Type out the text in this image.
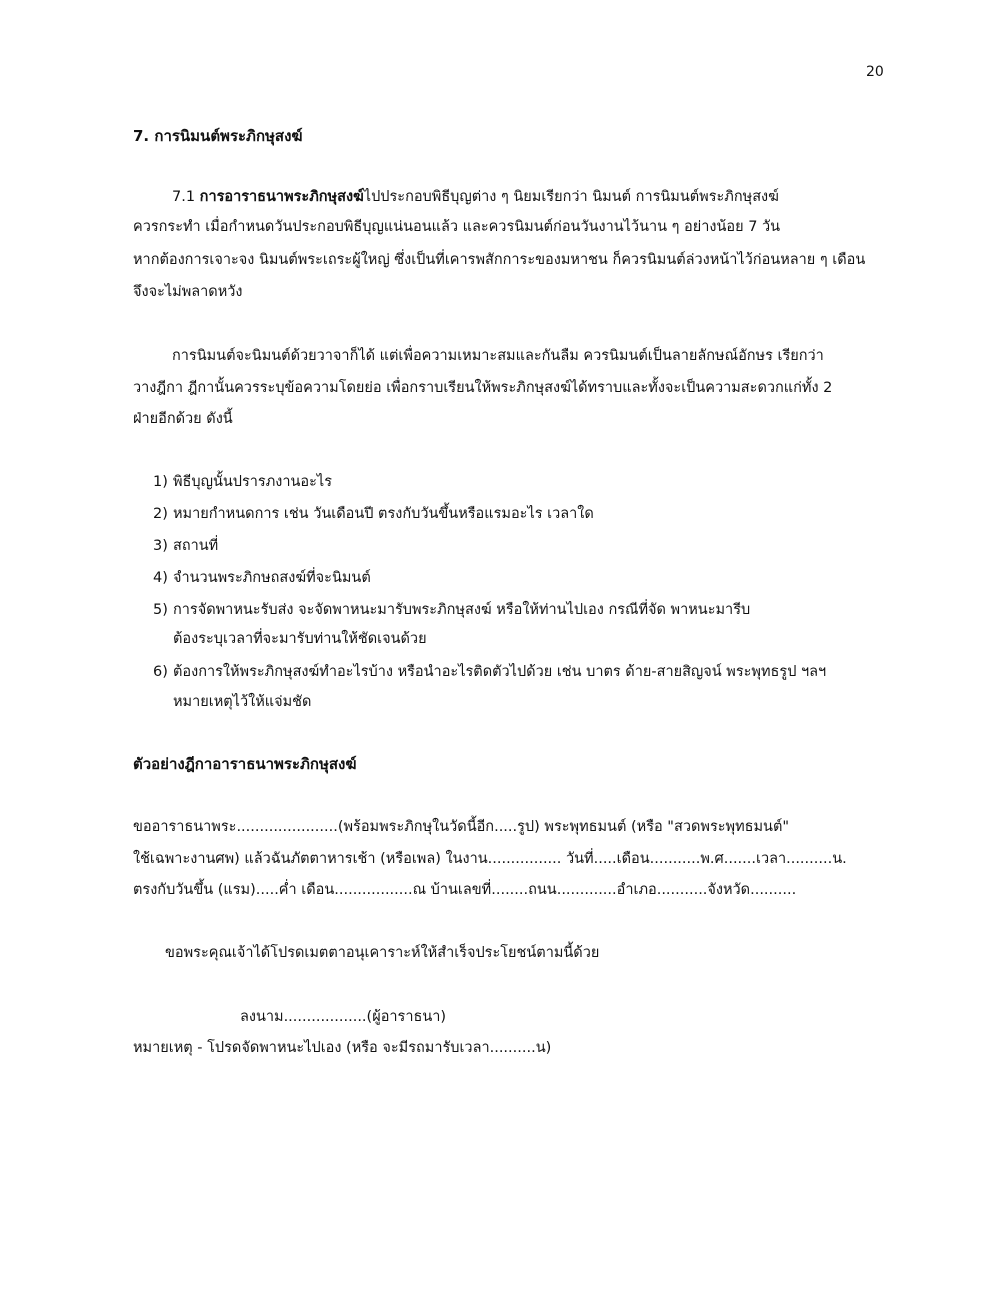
20
7. การนิมนต์พระภิกษุสงฆ์
7.1 การอาราธนาพระภิกษุสงฆ์ไปประกอบพิธีบุญต่าง ๆ นิยมเรียกว่า นิมนต์ การนิมนต์พระภิกษุสงฆ์
ควรกระทำ เมื่อกำหนดวันประกอบพิธีบุญแน่นอนแล้ว และควรนิมนต์ก่อนวันงานไว้นาน ๆ อย่างน้อย 7 วัน
หากต้องการเจาะจง นิมนต์พระเถระผู้ใหญ่ ซึ่งเป็นที่เคารพสักการะของมหาชน ก็ควรนิมนต์ล่วงหน้าไว้ก่อนหลาย ๆ เดือน
จึงจะไม่พลาดหวัง
การนิมนต์จะนิมนต์ด้วยวาจาก็ได้ แต่เพื่อความเหมาะสมและกันลืม ควรนิมนต์เป็นลายลักษณ์อักษร เรียกว่า
วางฎีกา ฎีกานั้นควรระบุข้อความโดยย่อ เพื่อกราบเรียนให้พระภิกษุสงฆ์ได้ทราบและทั้งจะเป็นความสะดวกแก่ทั้ง 2
ฝ่ายอีกด้วย ดังนี้
1) พิธีบุญนั้นปรารภงานอะไร
2) หมายกำหนดการ เช่น วันเดือนปี ตรงกับวันขึ้นหรือแรมอะไร เวลาใด
3) สถานที่
4) จำนวนพระภิกษถสงฆ์ที่จะนิมนต์
5) การจัดพาหนะรับส่ง จะจัดพาหนะมารับพระภิกษุสงฆ์ หรือให้ท่านไปเอง กรณีที่จัด พาหนะมารีบ
ต้องระบุเวลาที่จะมารับท่านให้ชัดเจนด้วย
6) ต้องการให้พระภิกษุสงฆ์ทำอะไรบ้าง หรือนำอะไรติดตัวไปด้วย เช่น บาตร ด้าย-สายสิญจน์ พระพุทธรูป ฯลฯ
หมายเหตุไว้ให้แจ่มชัด
ตัวอย่างฎีกาอาราธนาพระภิกษุสงฆ์
ขออาราธนาพระ......................(พร้อมพระภิกษุในวัดนี้อีก.....รูป) พระพุทธมนต์ (หรือ "สวดพระพุทธมนต์"
ใช้เฉพาะงานศพ) แล้วฉันภัตตาหารเช้า (หรือเพล) ในงาน................ วันที่.....เดือน...........พ.ศ.......เวลา..........น.
ตรงกับวันขึ้น (แรม).....ค่ำ เดือน.................ณ บ้านเลขที่........ถนน.............อำเภอ...........จังหวัด..........
ขอพระคุณเจ้าได้โปรดเมตตาอนุเคาราะห์ให้สำเร็จประโยชน์ตามนี้ด้วย
ลงนาม..................(ผู้อาราธนา)
หมายเหตุ - โปรดจัดพาหนะไปเอง (หรือ จะมีรถมารับเวลา..........น)
